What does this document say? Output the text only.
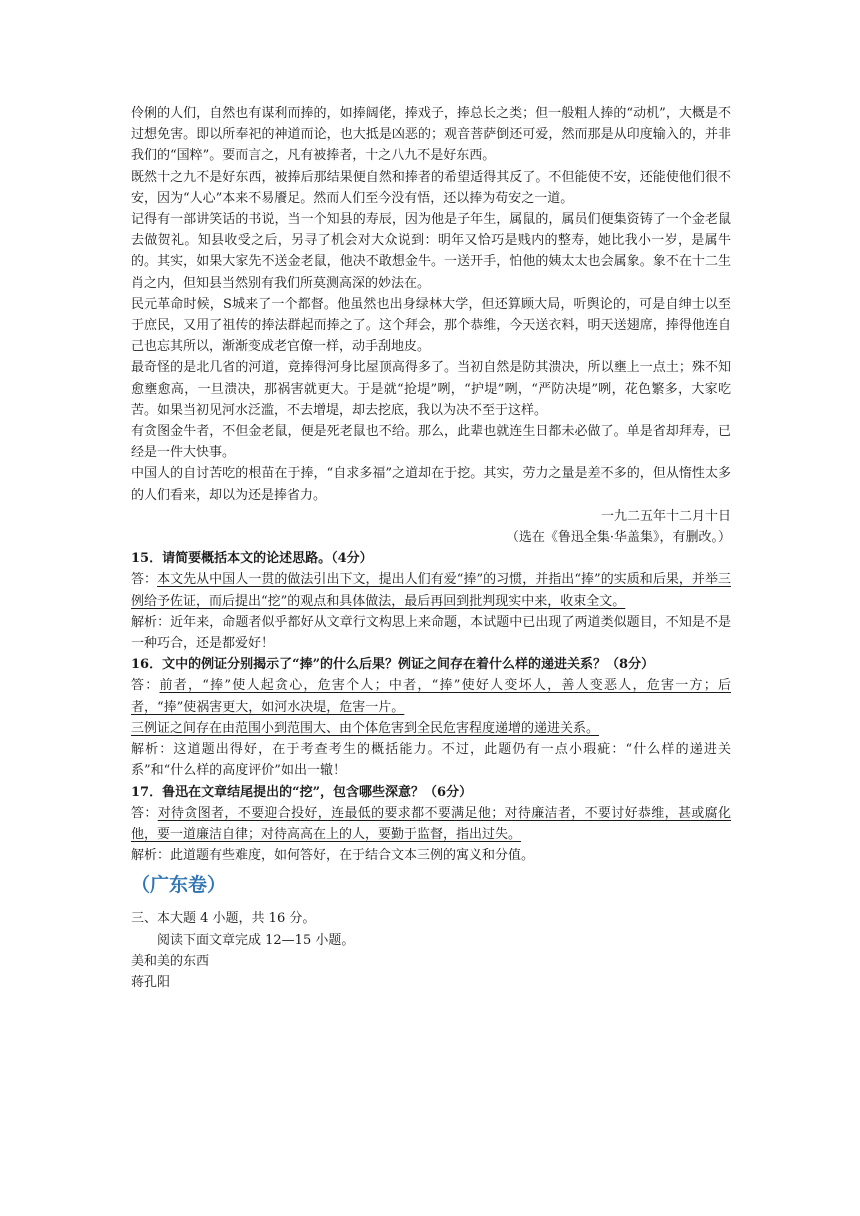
伶俐的人们，自然也有谋利而捧的，如捧阔佬，捧戏子，捧总长之类；但一般粗人捧的“动机”，大概是不过想免害。即以所奉祀的神道而论，也大抵是凶恶的；观音菩萨倒还可爱，然而那是从印度输入的，并非我们的“国粹”。要而言之，凡有被捧者，十之八九不是好东西。

既然十之九不是好东西，被捧后那结果便自然和捧者的希望适得其反了。不但能使不安，还能使他们很不安，因为“人心”本来不易餍足。然而人们至今没有悟，还以捧为苟安之一道。

记得有一部讲笑话的书说，当一个知县的寿辰，因为他是子年生，属鼠的，属员们便集资铸了一个金老鼠去做贺礼。知县收受之后，另寻了机会对大众说到：明年又恰巧是贱内的整寿，她比我小一岁，是属牛的。其实，如果大家先不送金老鼠，他决不敢想金牛。一送开手，怕他的姨太太也会属象。象不在十二生肖之内，但知县当然别有我们所莫测高深的妙法在。

民元革命时候，S城来了一个都督。他虽然也出身绿林大学，但还算顾大局，听舆论的，可是自绅士以至于庶民，又用了祖传的捧法群起而捧之了。这个拜会，那个恭维，今天送衣料，明天送翅席，捧得他连自己也忘其所以，渐渐变成老官僚一样，动手刮地皮。

最奇怪的是北几省的河道，竟捧得河身比屋顶高得多了。当初自然是防其溃决，所以壅上一点土；殊不知愈壅愈高，一旦溃决，那祸害就更大。于是就“抢堤”咧，“护堤”咧，“严防决堤”咧，花色繁多，大家吃苦。如果当初见河水泛滥，不去增堤，却去挖底，我以为决不至于这样。

有贪图金牛者，不但金老鼠，便是死老鼠也不给。那么，此辈也就连生日都未必做了。单是省却拜寿，已经是一件大快事。

中国人的自讨苦吃的根苗在于捧，“自求多福”之道却在于挖。其实，劳力之量是差不多的，但从惰性太多的人们看来，却以为还是捧省力。

一九二五年十二月十日

（选在《鲁迅全集·华盖集》，有删改。）

15．请简要概括本文的论述思路。（4分）

答：本文先从中国人一贯的做法引出下文，提出人们有爱“捧”的习惯，并指出“捧”的实质和后果，并举三例给予佐证，而后提出“挖”的观点和具体做法，最后再回到批判现实中来，收束全文。

解析：近年来，命题者似乎都好从文章行文构思上来命题，本试题中已出现了两道类似题目，不知是不是一种巧合，还是都爱好！

16．文中的例证分别揭示了“捧”的什么后果？例证之间存在着什么样的递进关系？（8分）

答：前者，“捧”使人起贪心，危害个人；中者，“捧”使好人变坏人，善人变恶人，危害一方；后者，“捧”使祸害更大，如河水决堤，危害一片。

三例证之间存在由范围小到范围大、由个体危害到全民危害程度递增的递进关系。

解析：这道题出得好，在于考查考生的概括能力。不过，此题仍有一点小瑕疵：“什么样的递进关系”和“什么样的高度评价”如出一辙！

17．鲁迅在文章结尾提出的“挖”，包含哪些深意？（6分）

答：对待贪图者，不要迎合投好，连最低的要求都不要满足他；对待廉洁者，不要讨好恭维，甚或腐化他，要一道廉洁自律；对待高高在上的人，要勤于监督，指出过失。

解析：此道题有些难度，如何答好，在于结合文本三例的寓义和分值。

（广东卷）

三、本大题 4 小题，共 16 分。

阅读下面文章完成 12—15 小题。

美和美的东西

蒋孔阳
